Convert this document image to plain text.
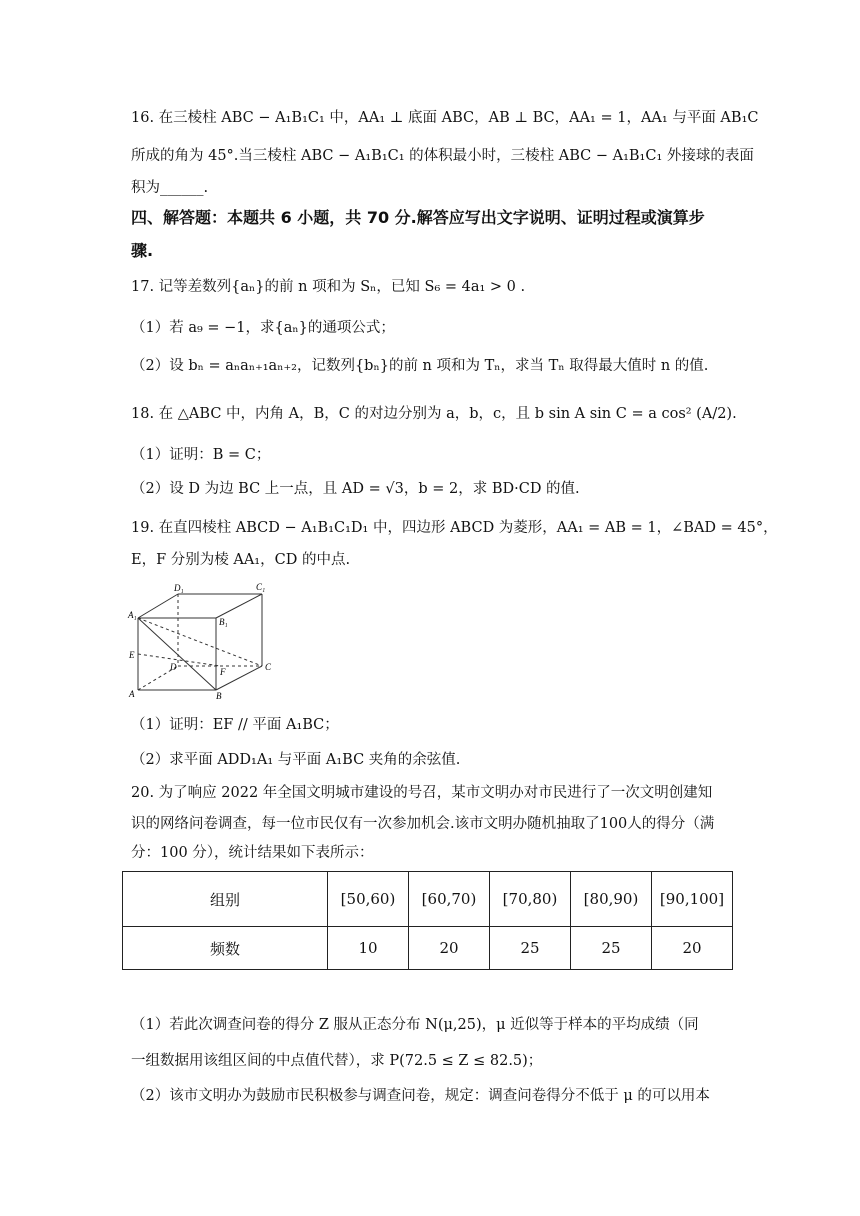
16. 在三棱柱 ABC − A₁B₁C₁ 中，AA₁ ⊥ 底面 ABC，AB ⊥ BC，AA₁ = 1，AA₁ 与平面 AB₁C
所成的角为 45°.当三棱柱 ABC − A₁B₁C₁ 的体积最小时，三棱柱 ABC − A₁B₁C₁ 外接球的表面
积为______.
四、解答题：本题共 6 小题，共 70 分.解答应写出文字说明、证明过程或演算步
骤.
17. 记等差数列{aₙ}的前 n 项和为 Sₙ，已知 S₆ = 4a₁ > 0 .
（1）若 a₉ = −1，求{aₙ}的通项公式；
（2）设 bₙ = aₙaₙ₊₁aₙ₊₂，记数列{bₙ}的前 n 项和为 Tₙ，求当 Tₙ 取得最大值时 n 的值.
18. 在 △ABC 中，内角 A，B，C 的对边分别为 a，b，c，且 b sin A sin C = a cos² (A/2).
（1）证明：B = C；
（2）设 D 为边 BC 上一点，且 AD = √3，b = 2，求 BD·CD 的值.
19. 在直四棱柱 ABCD − A₁B₁C₁D₁ 中，四边形 ABCD 为菱形，AA₁ = AB = 1，∠BAD = 45°，
E，F 分别为棱 AA₁，CD 的中点.
D₁	C₁
A₁
B₁
E
D	F	C
A	B
（1）证明：EF // 平面 A₁BC；
（2）求平面 ADD₁A₁ 与平面 A₁BC 夹角的余弦值.
20. 为了响应 2022 年全国文明城市建设的号召，某市文明办对市民进行了一次文明创建知
识的网络问卷调查，每一位市民仅有一次参加机会.该市文明办随机抽取了100人的得分（满
分：100 分），统计结果如下表所示：
组别	[50,60)	[60,70)	[70,80)	[80,90)	[90,100]
频数	10	20	25	25	20
（1）若此次调查问卷的得分 Z 服从正态分布 N(μ,25)，μ 近似等于样本的平均成绩（同
一组数据用该组区间的中点值代替），求 P(72.5 ≤ Z ≤ 82.5)；
（2）该市文明办为鼓励市民积极参与调查问卷，规定：调查问卷得分不低于 μ 的可以用本
